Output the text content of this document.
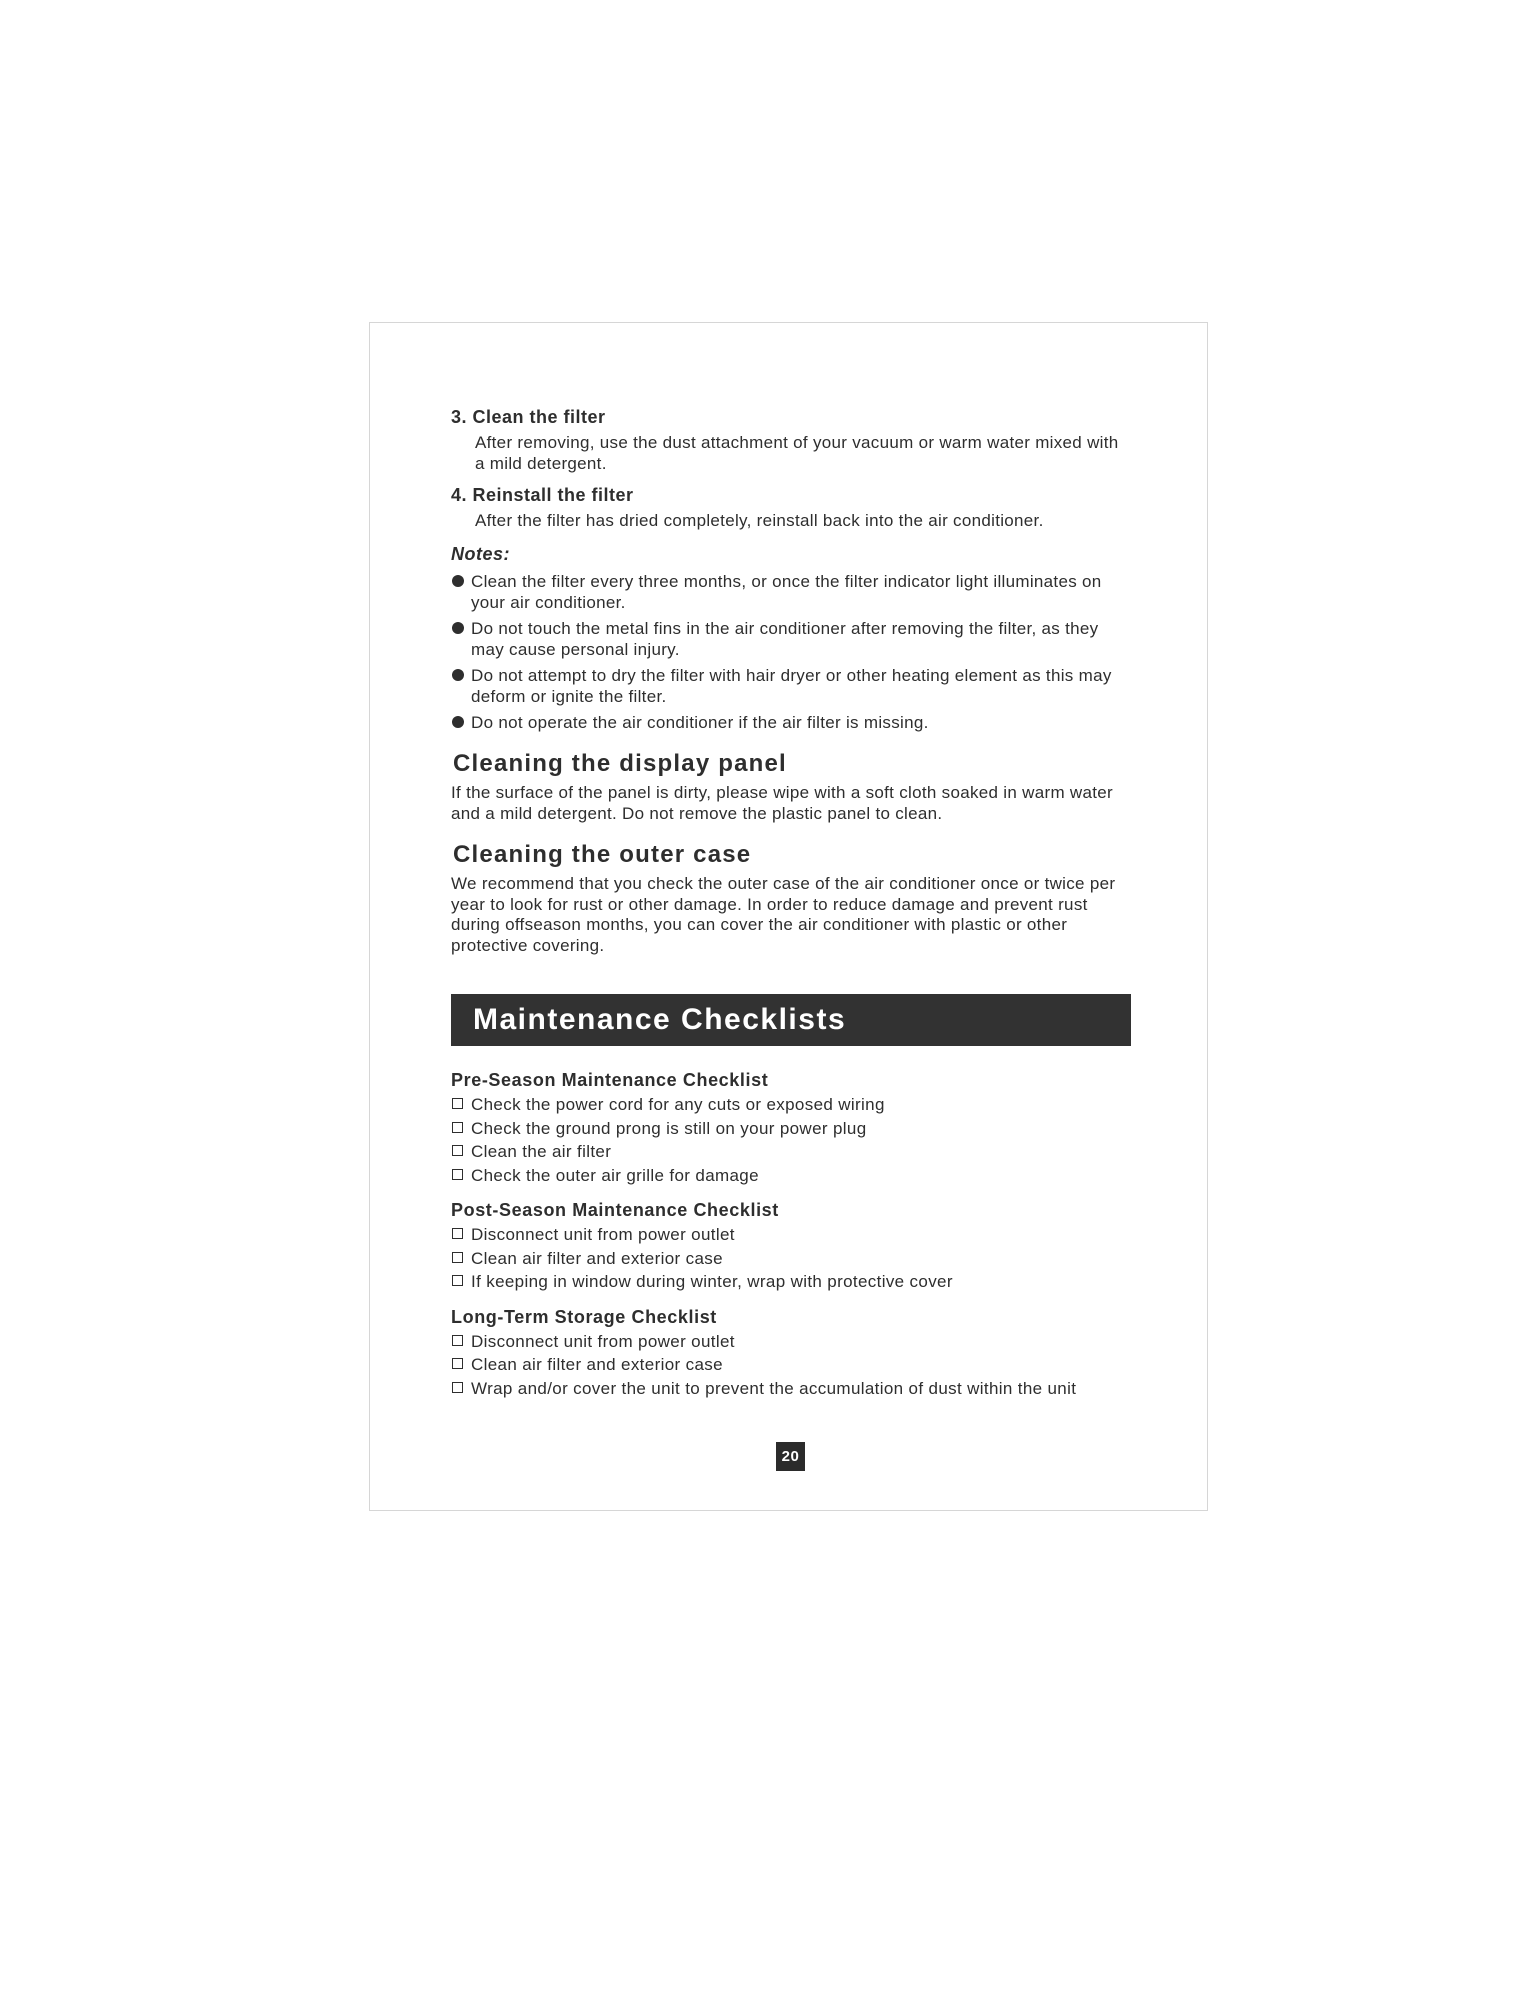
3. Clean the filter

After removing, use the dust attachment of your vacuum or warm water mixed with a mild detergent.

4. Reinstall the filter

After the filter has dried completely, reinstall back into the air conditioner.

Notes:

Clean the filter every three months, or once the filter indicator light illuminates on your air conditioner.
Do not touch the metal fins in the air conditioner after removing the filter, as they may cause personal injury.
Do not attempt to dry the filter with hair dryer or other heating element as this may deform or ignite the filter.
Do not operate the air conditioner if the air filter is missing.

Cleaning the display panel

If the surface of the panel is dirty, please wipe with a soft cloth soaked in warm water and a mild detergent. Do not remove the plastic panel to clean.

Cleaning the outer case

We recommend that you check the outer case of the air conditioner once or twice per year to look for rust or other damage. In order to reduce damage and prevent rust during offseason months, you can cover the air conditioner with plastic or other protective covering.

Maintenance Checklists

Pre-Season Maintenance Checklist

Check the power cord for any cuts or exposed wiring
Check the ground prong is still on your power plug
Clean the air filter
Check the outer air grille for damage

Post-Season Maintenance Checklist

Disconnect unit from power outlet
Clean air filter and exterior case
If keeping in window during winter, wrap with protective cover

Long-Term Storage Checklist

Disconnect unit from power outlet
Clean air filter and exterior case
Wrap and/or cover the unit to prevent the accumulation of dust within the unit
20
